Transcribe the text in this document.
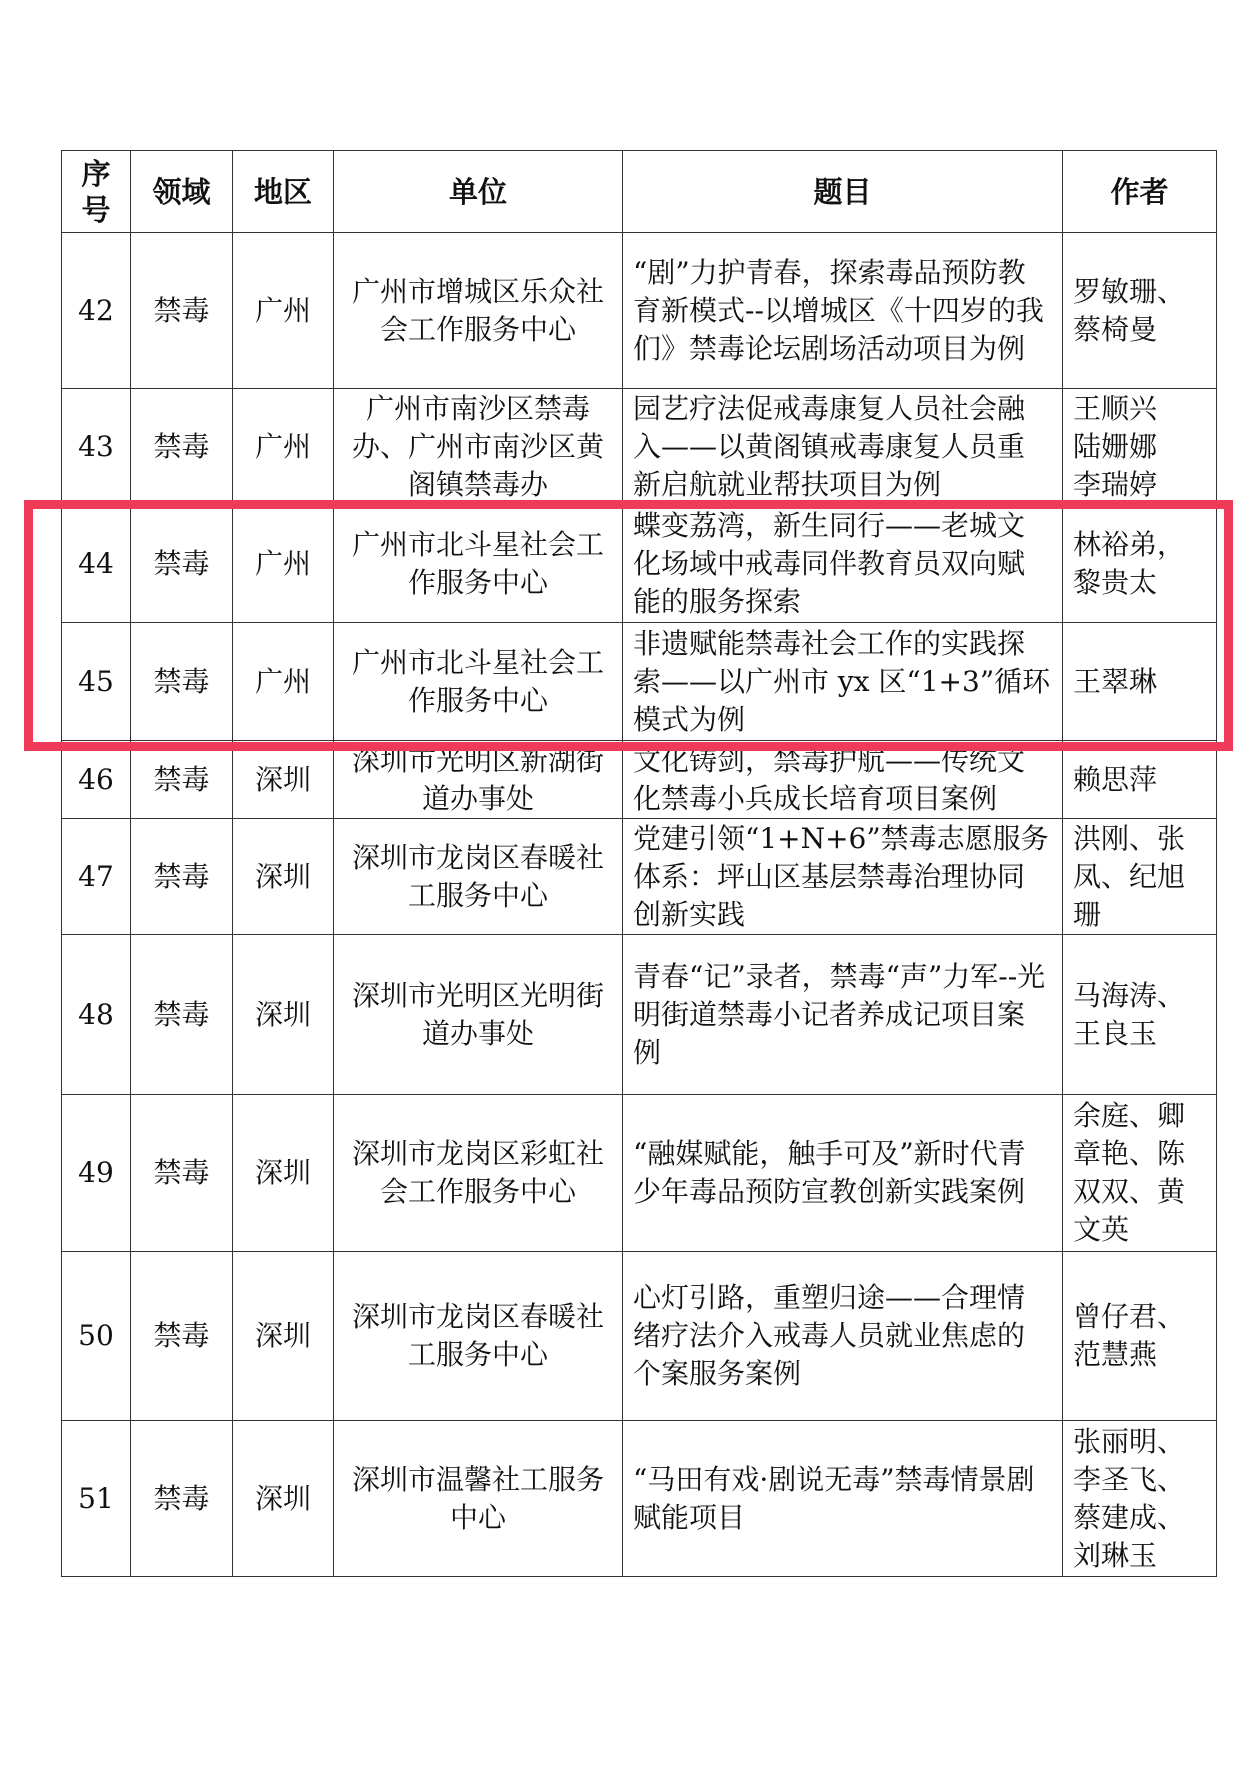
序号	领域	地区	单位	题目	作者
42	禁毒	广州	广州市增城区乐众社会工作服务中心	“剧”力护青春，探索毒品预防教育新模式--以增城区《十四岁的我们》禁毒论坛剧场活动项目为例	罗敏珊、蔡椅曼
43	禁毒	广州	广州市南沙区禁毒办、广州市南沙区黄阁镇禁毒办	园艺疗法促戒毒康复人员社会融入——以黄阁镇戒毒康复人员重新启航就业帮扶项目为例	王顺兴陆姗娜李瑞婷

44	禁毒	广州	广州市北斗星社会工作服务中心	蝶变荔湾，新生同行——老城文化场域中戒毒同伴教育员双向赋能的服务探索	林裕弟，黎贵太
45	禁毒	广州	广州市北斗星社会工作服务中心	非遗赋能禁毒社会工作的实践探索——以广州市 yx 区“1+3”循环模式为例	王翠琳
46	禁毒	深圳	深圳市光明区新湖街道办事处	文化铸剑，禁毒护航——传统文化禁毒小兵成长培育项目案例	赖思萍
47	禁毒	深圳	深圳市龙岗区春暖社工服务中心	党建引领“1+N+6”禁毒志愿服务体系：坪山区基层禁毒治理协同创新实践	洪刚、张凤、纪旭珊
48	禁毒	深圳	深圳市光明区光明街道办事处	青春“记”录者，禁毒“声”力军--光明街道禁毒小记者养成记项目案例	马海涛、王良玉
49	禁毒	深圳	深圳市龙岗区彩虹社会工作服务中心	“融媒赋能，触手可及”新时代青少年毒品预防宣教创新实践案例	余庭、卿章艳、陈双双、黄文英
50	禁毒	深圳	深圳市龙岗区春暖社工服务中心	心灯引路，重塑归途——合理情绪疗法介入戒毒人员就业焦虑的个案服务案例	曾仔君、范慧燕
51	禁毒	深圳	深圳市温馨社工服务中心	“马田有戏·剧说无毒”禁毒情景剧赋能项目	张丽明、李圣飞、蔡建成、刘琳玉
